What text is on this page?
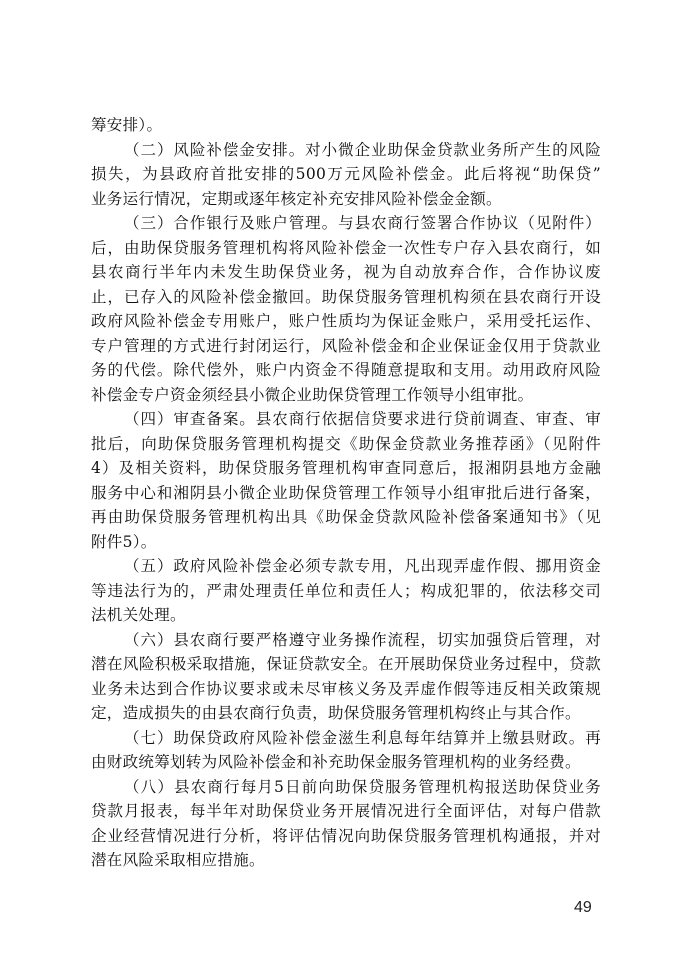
筹安排）。
（二）风险补偿金安排。对小微企业助保金贷款业务所产生的风险
损失，为县政府首批安排的500万元风险补偿金。此后将视“助保贷”
业务运行情况，定期或逐年核定补充安排风险补偿金金额。
（三）合作银行及账户管理。与县农商行签署合作协议（见附件）
后，由助保贷服务管理机构将风险补偿金一次性专户存入县农商行，如
县农商行半年内未发生助保贷业务，视为自动放弃合作，合作协议废
止，已存入的风险补偿金撤回。助保贷服务管理机构须在县农商行开设
政府风险补偿金专用账户，账户性质均为保证金账户，采用受托运作、
专户管理的方式进行封闭运行，风险补偿金和企业保证金仅用于贷款业
务的代偿。除代偿外，账户内资金不得随意提取和支用。动用政府风险
补偿金专户资金须经县小微企业助保贷管理工作领导小组审批。
（四）审查备案。县农商行依据信贷要求进行贷前调查、审查、审
批后，向助保贷服务管理机构提交《助保金贷款业务推荐函》（见附件
4）及相关资料，助保贷服务管理机构审查同意后，报湘阴县地方金融
服务中心和湘阴县小微企业助保贷管理工作领导小组审批后进行备案，
再由助保贷服务管理机构出具《助保金贷款风险补偿备案通知书》（见
附件5）。
（五）政府风险补偿金必须专款专用，凡出现弄虚作假、挪用资金
等违法行为的，严肃处理责任单位和责任人；构成犯罪的，依法移交司
法机关处理。
（六）县农商行要严格遵守业务操作流程，切实加强贷后管理，对
潜在风险积极采取措施，保证贷款安全。在开展助保贷业务过程中，贷款
业务未达到合作协议要求或未尽审核义务及弄虚作假等违反相关政策规
定，造成损失的由县农商行负责，助保贷服务管理机构终止与其合作。
（七）助保贷政府风险补偿金滋生利息每年结算并上缴县财政。再
由财政统筹划转为风险补偿金和补充助保金服务管理机构的业务经费。
（八）县农商行每月5日前向助保贷服务管理机构报送助保贷业务
贷款月报表，每半年对助保贷业务开展情况进行全面评估，对每户借款
企业经营情况进行分析，将评估情况向助保贷服务管理机构通报，并对
潜在风险采取相应措施。
49
